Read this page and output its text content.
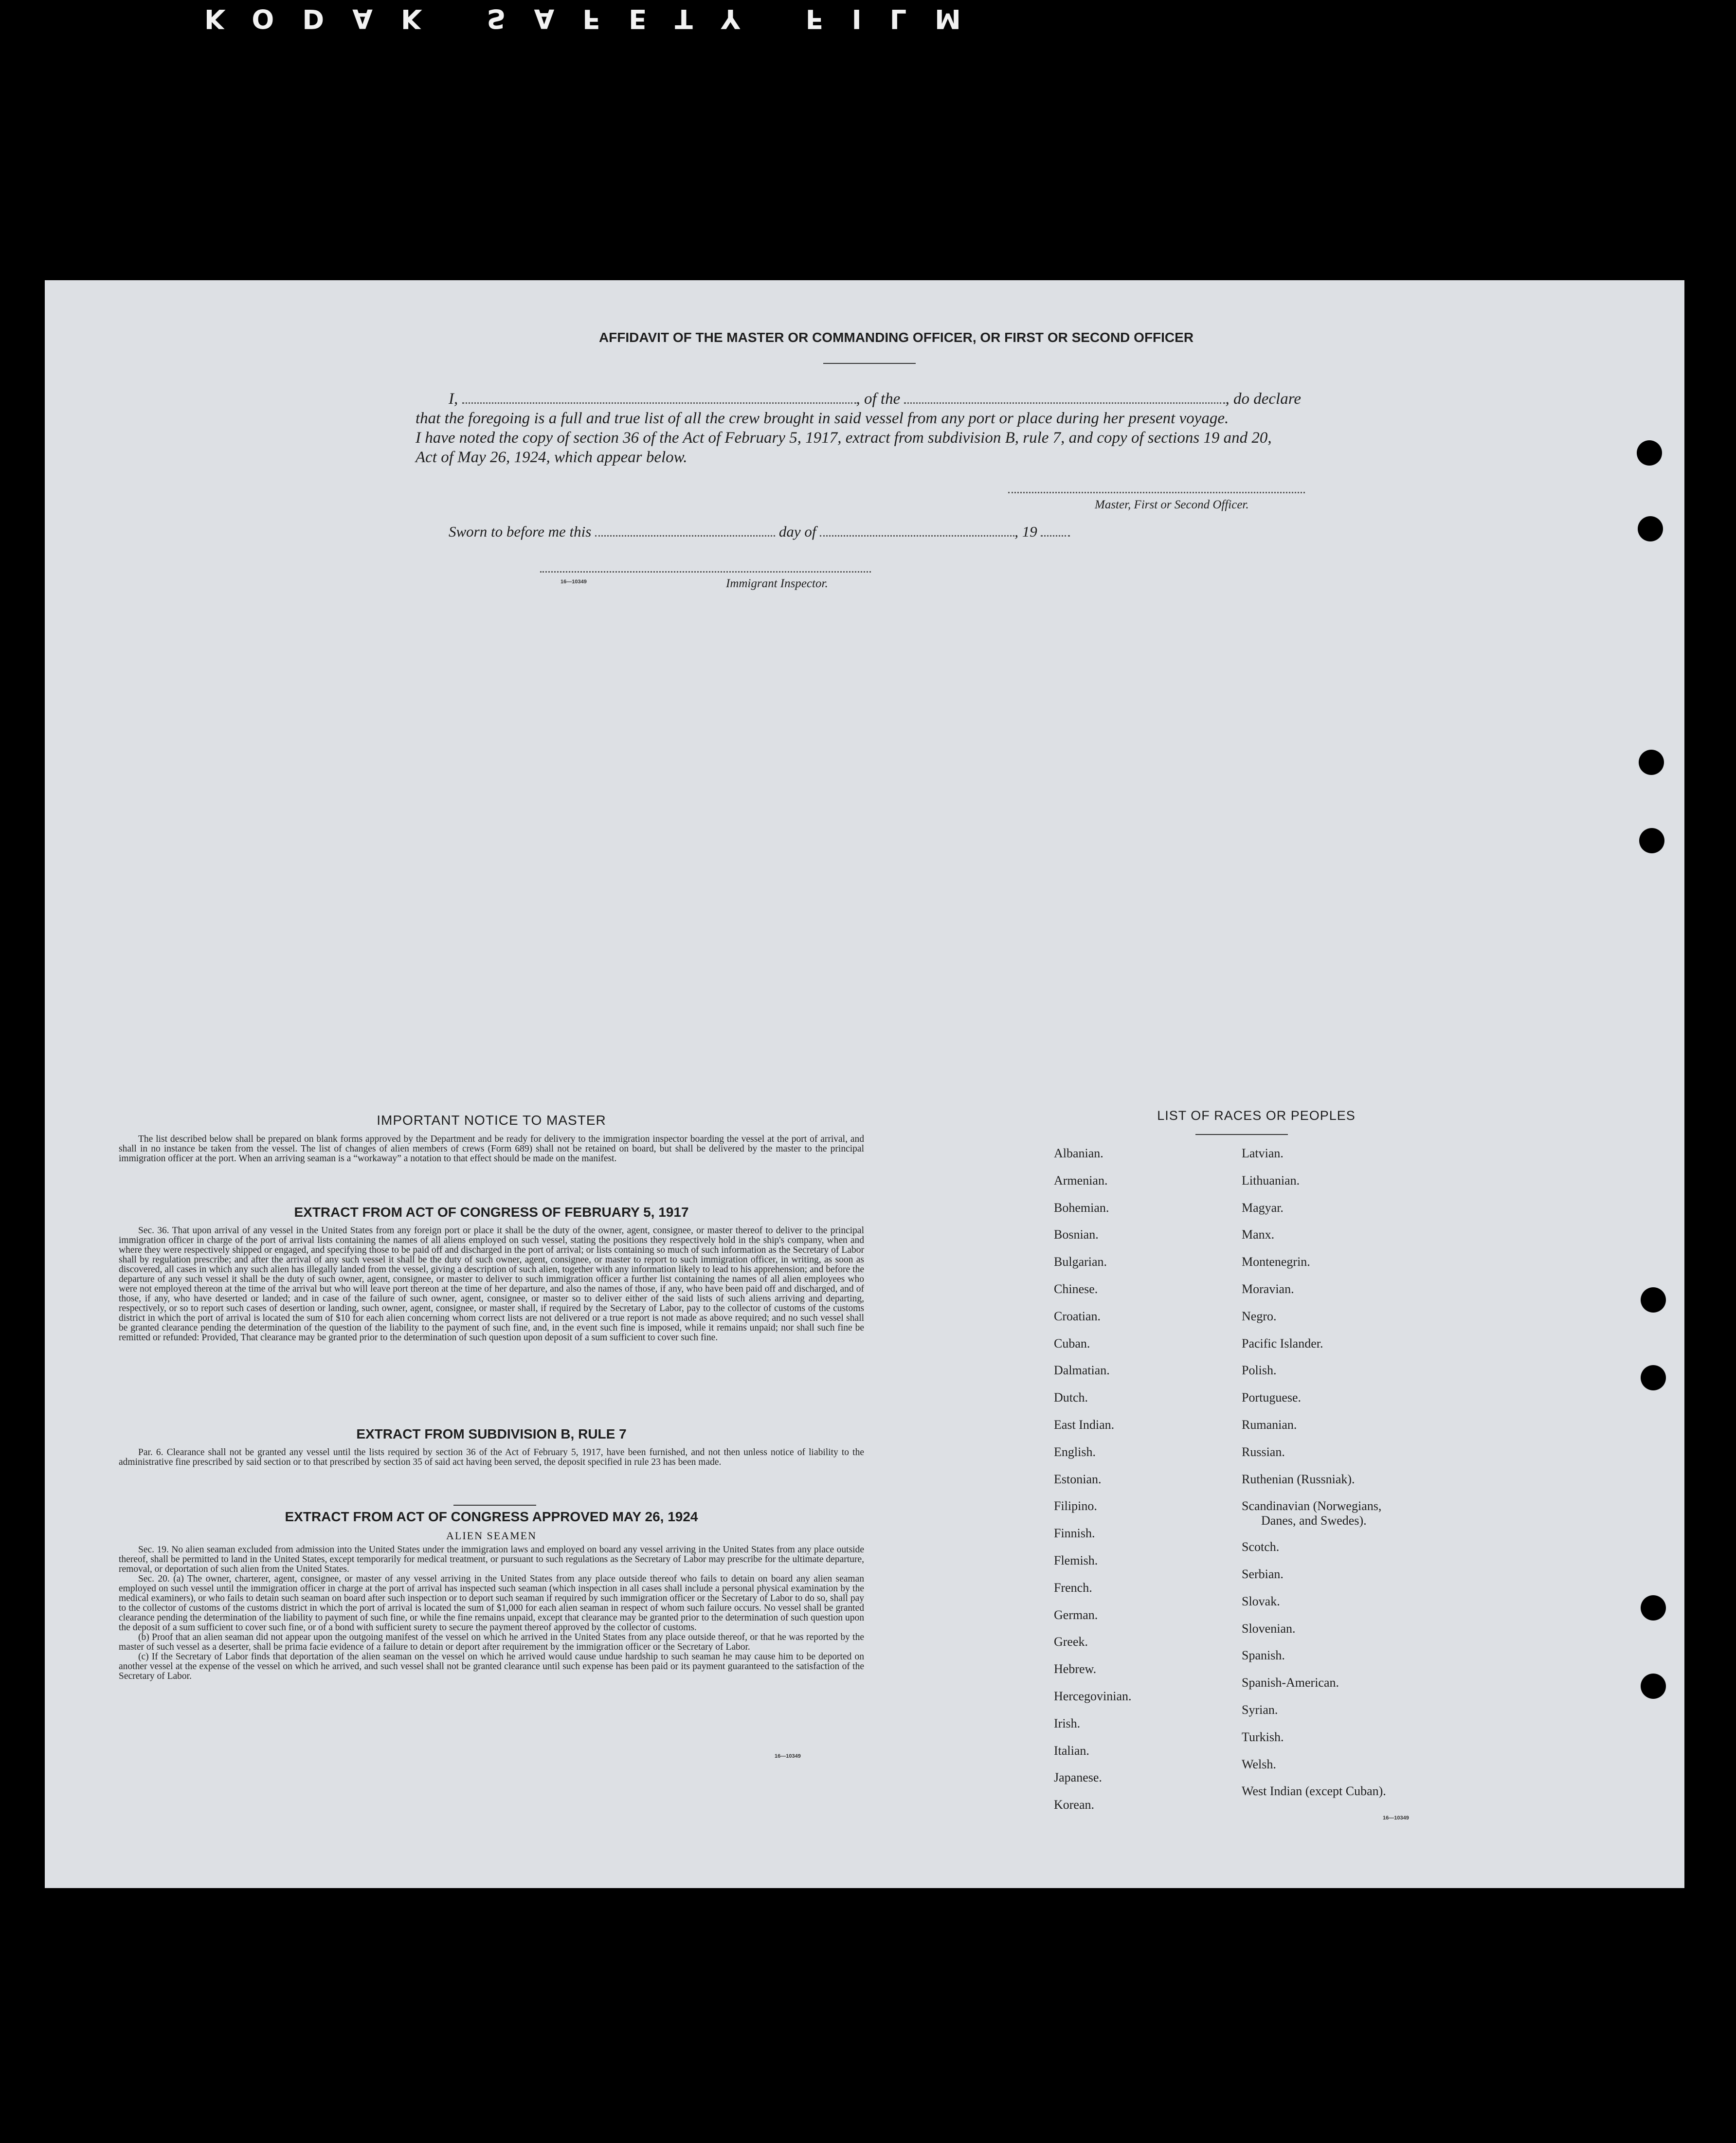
KODAK SAFETY FILM
AFFIDAVIT OF THE MASTER OR COMMANDING OFFICER, OR FIRST OR SECOND OFFICER
I,	, of the	, do declare
that the foregoing is a full and true list of all the crew brought in said vessel from any port or place during her present voyage.
I have noted the copy of section 36 of the Act of February 5, 1917, extract from subdivision B, rule 7, and copy of sections 19 and 20,
Act of May 26, 1924, which appear below.
Master, First or Second Officer.
Sworn to before me this	day of	, 19
16—10349	Immigrant Inspector.
IMPORTANT NOTICE TO MASTER

The list described below shall be prepared on blank forms approved by the Department and be ready for delivery to the immigration inspector boarding the vessel at the port of arrival, and shall in no instance be taken from the vessel. The list of changes of alien members of crews (Form 689) shall not be retained on board, but shall be delivered by the master to the principal immigration officer at the port. When an arriving seaman is a “workaway” a notation to that effect should be made on the manifest.

EXTRACT FROM ACT OF CONGRESS OF FEBRUARY 5, 1917

Sec. 36. That upon arrival of any vessel in the United States from any foreign port or place it shall be the duty of the owner, agent, consignee, or master thereof to deliver to the principal immigration officer in charge of the port of arrival lists containing the names of all aliens employed on such vessel, stating the positions they respectively hold in the ship's company, when and where they were respectively shipped or engaged, and specifying those to be paid off and discharged in the port of arrival; or lists containing so much of such information as the Secretary of Labor shall by regulation prescribe; and after the arrival of any such vessel it shall be the duty of such owner, agent, consignee, or master to report to such immigration officer, in writing, as soon as discovered, all cases in which any such alien has illegally landed from the vessel, giving a description of such alien, together with any information likely to lead to his apprehension; and before the departure of any such vessel it shall be the duty of such owner, agent, consignee, or master to deliver to such immigration officer a further list containing the names of all alien employees who were not employed thereon at the time of the arrival but who will leave port thereon at the time of her departure, and also the names of those, if any, who have been paid off and discharged, and of those, if any, who have deserted or landed; and in case of the failure of such owner, agent, consignee, or master so to deliver either of the said lists of such aliens arriving and departing, respectively, or so to report such cases of desertion or landing, such owner, agent, consignee, or master shall, if required by the Secretary of Labor, pay to the collector of customs of the customs district in which the port of arrival is located the sum of $10 for each alien concerning whom correct lists are not delivered or a true report is not made as above required; and no such vessel shall be granted clearance pending the determination of the question of the liability to the payment of such fine, and, in the event such fine is imposed, while it remains unpaid; nor shall such fine be remitted or refunded: Provided, That clearance may be granted prior to the determination of such question upon deposit of a sum sufficient to cover such fine.

EXTRACT FROM SUBDIVISION B, RULE 7

Par. 6. Clearance shall not be granted any vessel until the lists required by section 36 of the Act of February 5, 1917, have been furnished, and not then unless notice of liability to the administrative fine prescribed by said section or to that prescribed by section 35 of said act having been served, the deposit specified in rule 23 has been made.

EXTRACT FROM ACT OF CONGRESS APPROVED MAY 26, 1924
ALIEN SEAMEN

Sec. 19. No alien seaman excluded from admission into the United States under the immigration laws and employed on board any vessel arriving in the United States from any place outside thereof, shall be permitted to land in the United States, except temporarily for medical treatment, or pursuant to such regulations as the Secretary of Labor may prescribe for the ultimate departure, removal, or deportation of such alien from the United States.

Sec. 20. (a) The owner, charterer, agent, consignee, or master of any vessel arriving in the United States from any place outside thereof who fails to detain on board any alien seaman employed on such vessel until the immigration officer in charge at the port of arrival has inspected such seaman (which inspection in all cases shall include a personal physical examination by the medical examiners), or who fails to detain such seaman on board after such inspection or to deport such seaman if required by such immigration officer or the Secretary of Labor to do so, shall pay to the collector of customs of the customs district in which the port of arrival is located the sum of $1,000 for each alien seaman in respect of whom such failure occurs. No vessel shall be granted clearance pending the determination of the liability to payment of such fine, or while the fine remains unpaid, except that clearance may be granted prior to the determination of such question upon the deposit of a sum sufficient to cover such fine, or of a bond with sufficient surety to secure the payment thereof approved by the collector of customs.

(b) Proof that an alien seaman did not appear upon the outgoing manifest of the vessel on which he arrived in the United States from any place outside thereof, or that he was reported by the master of such vessel as a deserter, shall be prima facie evidence of a failure to detain or deport after requirement by the immigration officer or the Secretary of Labor.

(c) If the Secretary of Labor finds that deportation of the alien seaman on the vessel on which he arrived would cause undue hardship to such seaman he may cause him to be deported on another vessel at the expense of the vessel on which he arrived, and such vessel shall not be granted clearance until such expense has been paid or its payment guaranteed to the satisfaction of the Secretary of Labor.

16—10349
LIST OF RACES OR PEOPLES
Albanian.
Armenian.
Bohemian.
Bosnian.
Bulgarian.
Chinese.
Croatian.
Cuban.
Dalmatian.
Dutch.
East Indian.
English.
Estonian.
Filipino.
Finnish.
Flemish.
French.
German.
Greek.
Hebrew.
Hercegovinian.
Irish.
Italian.
Japanese.
Korean.
Latvian.
Lithuanian.
Magyar.
Manx.
Montenegrin.
Moravian.
Negro.
Pacific Islander.
Polish.
Portuguese.
Rumanian.
Russian.
Ruthenian (Russniak).
Scandinavian (Norwegians,
Danes, and Swedes).
Scotch.
Serbian.
Slovak.
Slovenian.
Spanish.
Spanish-American.
Syrian.
Turkish.
Welsh.
West Indian (except Cuban).
16—10349
